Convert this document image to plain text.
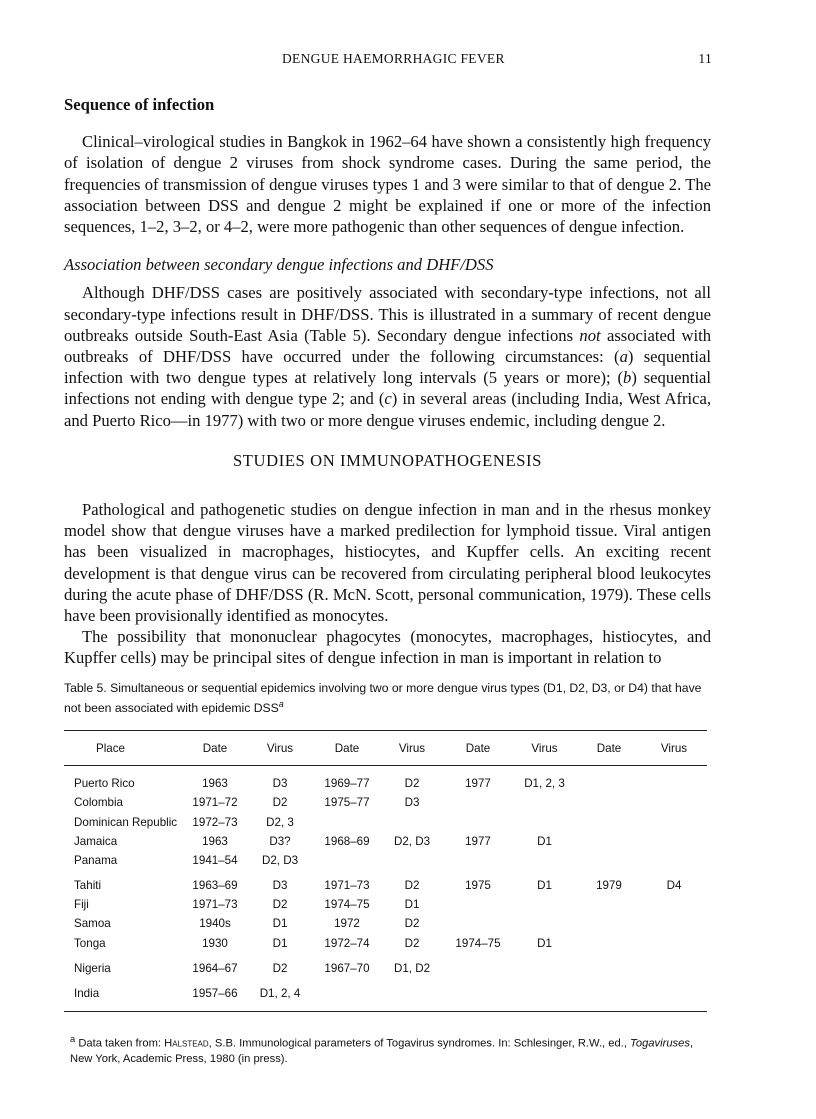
DENGUE HAEMORRHAGIC FEVER	11
Sequence of infection

Clinical–virological studies in Bangkok in 1962–64 have shown a consistently high frequency of isolation of dengue 2 viruses from shock syndrome cases. During the same period, the frequencies of transmission of dengue viruses types 1 and 3 were similar to that of dengue 2. The association between DSS and dengue 2 might be explained if one or more of the infection sequences, 1–2, 3–2, or 4–2, were more pathogenic than other sequences of dengue infection.

Association between secondary dengue infections and DHF/DSS

Although DHF/DSS cases are positively associated with secondary-type infections, not all secondary-type infections result in DHF/DSS. This is illustrated in a summary of recent dengue outbreaks outside South-East Asia (Table 5). Secondary dengue infections not associated with outbreaks of DHF/DSS have occurred under the following circumstances: (a) sequential infection with two dengue types at relatively long intervals (5 years or more); (b) sequential infections not ending with dengue type 2; and (c) in several areas (including India, West Africa, and Puerto Rico—in 1977) with two or more dengue viruses endemic, including dengue 2.

STUDIES ON IMMUNOPATHOGENESIS

Pathological and pathogenetic studies on dengue infection in man and in the rhesus monkey model show that dengue viruses have a marked predilection for lymphoid tissue. Viral antigen has been visualized in macrophages, histiocytes, and Kupffer cells. An exciting recent development is that dengue virus can be recovered from circulating peripheral blood leukocytes during the acute phase of DHF/DSS (R. McN. Scott, personal communication, 1979). These cells have been provisionally identified as monocytes.

The possibility that mononuclear phagocytes (monocytes, macrophages, histiocytes, and Kupffer cells) may be principal sites of dengue infection in man is important in relation to

Table 5. Simultaneous or sequential epidemics involving two or more dengue virus types (D1, D2, D3, or D4) that have not been associated with epidemic DSS$^a$
Place	Date	Virus	Date	Virus	Date	Virus	Date	Virus
Puerto Rico	1963	D3	1969–77	D2	1977	D1, 2, 3		
Colombia	1971–72	D2	1975–77	D3				
Dominican Republic	1972–73	D2, 3						
Jamaica	1963	D3?	1968–69	D2, D3	1977	D1		
Panama	1941–54	D2, D3						
Tahiti	1963–69	D3	1971–73	D2	1975	D1	1979	D4
Fiji	1971–73	D2	1974–75	D1				
Samoa	1940s	D1	1972	D2				
Tonga	1930	D1	1972–74	D2	1974–75	D1		
Nigeria	1964–67	D2	1967–70	D1, D2				
India	1957–66	D1, 2, 4						
$^a$ Data taken from: Halstead, S.B. Immunological parameters of Togavirus syndromes. In: Schlesinger, R.W., ed., Togaviruses, New York, Academic Press, 1980 (in press).
